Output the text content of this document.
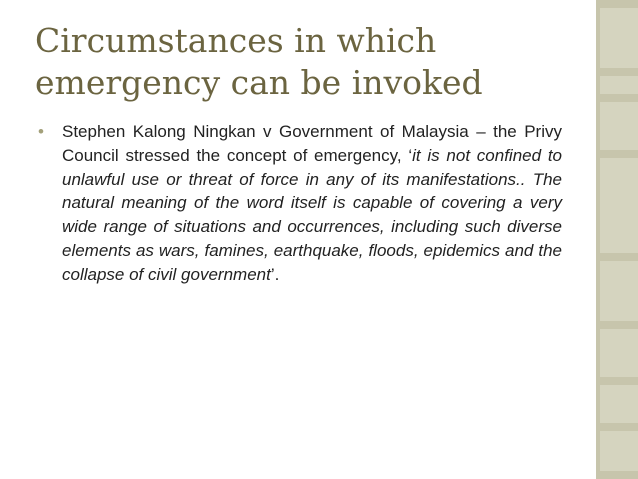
Circumstances in which emergency can be invoked
• Stephen Kalong Ningkan v Government of Malaysia – the Privy Council stressed the concept of emergency, ‘it is not confined to unlawful use or threat of force in any of its manifestations.. The natural meaning of the word itself is capable of covering a very wide range of situations and occurrences, including such diverse elements as wars, famines, earthquake, floods, epidemics and the collapse of civil government’.
